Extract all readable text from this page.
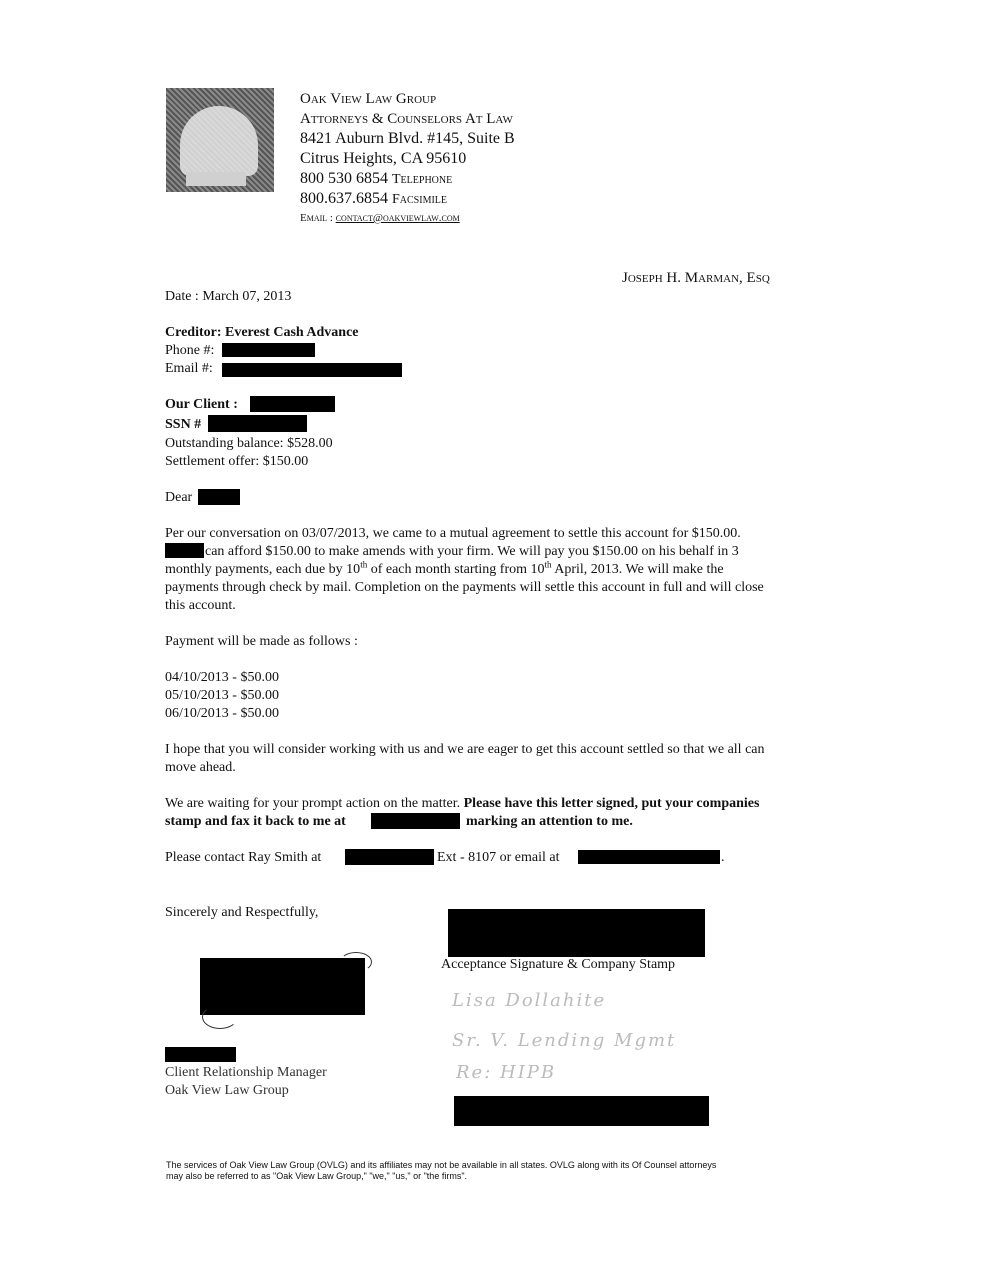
Oak View Law Group
Attorneys & Counselors At Law
8421 Auburn Blvd. #145, Suite B
Citrus Heights, CA 95610
800 530 6854 Telephone
800.637.6854 Facsimile
Email : contact@oakviewlaw.com
Joseph H. Marman, Esq
Date : March 07, 2013
Creditor: Everest Cash Advance
Phone #:
Email #:
Our Client :
SSN #
Outstanding balance: $528.00
Settlement offer: $150.00
Dear
Per our conversation on 03/07/2013, we came to a mutual agreement to settle this account for $150.00.
can afford $150.00 to make amends with your firm. We will pay you $150.00 on his behalf in 3
monthly payments, each due by 10th of each month starting from 10th April, 2013. We will make the
payments through check by mail. Completion on the payments will settle this account in full and will close
this account.
Payment will be made as follows :
04/10/2013 - $50.00
05/10/2013 - $50.00
06/10/2013 - $50.00
I hope that you will consider working with us and we are eager to get this account settled so that we all can
move ahead.
We are waiting for your prompt action on the matter. Please have this letter signed, put your companies
stamp and fax it back to me at	marking an attention to me.
Please contact Ray Smith at	Ext - 8107 or email at	.
Sincerely and Respectfully,
Client Relationship Manager
Oak View Law Group
Acceptance Signature & Company Stamp
Lisa Dollahite
Sr. V. Lending Mgmt
Re: HIPB
The services of Oak View Law Group (OVLG) and its affiliates may not be available in all states. OVLG along with its Of Counsel attorneys
may also be referred to as "Oak View Law Group," "we," "us," or "the firms".
